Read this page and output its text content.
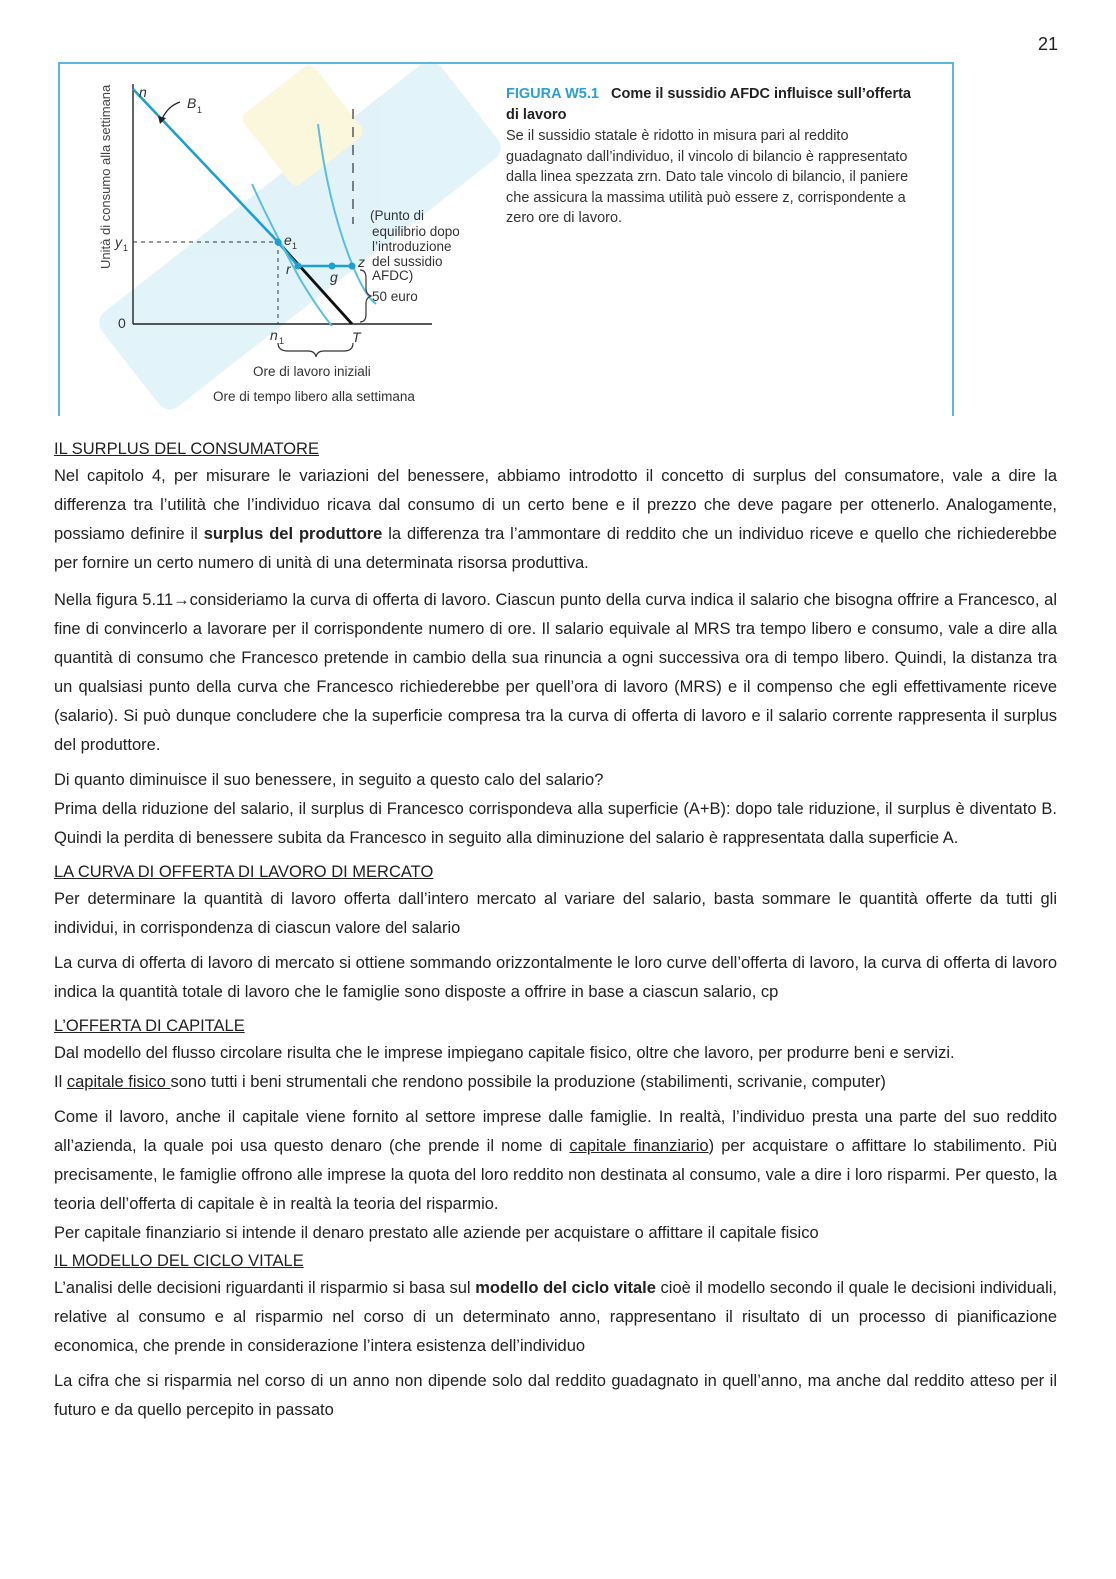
21
Unità di consumo alla settimana n
B 1
y 1
0
e 1
r	g
z
n 1	T
(Punto di
equilibrio dopo
l’introduzione
del sussidio
AFDC)
50 euro
Ore di lavoro iniziali
Ore di tempo libero alla settimana
FIGURA W5.1 Come il sussidio AFDC influisce sull’offerta di lavoro
Se il sussidio statale è ridotto in misura pari al reddito guadagnato dall’individuo, il vincolo di bilancio è rappresentato dalla linea spezzata zrn. Dato tale vincolo di bilancio, il paniere che assicura la massima utilità può essere z, corrispondente a zero ore di lavoro.
IL SURPLUS DEL CONSUMATORE

Nel capitolo 4, per misurare le variazioni del benessere, abbiamo introdotto il concetto di surplus del consumatore, vale a dire la differenza tra l’utilità che l’individuo ricava dal consumo di un certo bene e il prezzo che deve pagare per ottenerlo. Analogamente, possiamo definire il surplus del produttore la differenza tra l’ammontare di reddito che un individuo riceve e quello che richiederebbe per fornire un certo numero di unità di una determinata risorsa produttiva.

Nella figura 5.11→consideriamo la curva di offerta di lavoro. Ciascun punto della curva indica il salario che bisogna offrire a Francesco, al fine di convincerlo a lavorare per il corrispondente numero di ore. Il salario equivale al MRS tra tempo libero e consumo, vale a dire alla quantità di consumo che Francesco pretende in cambio della sua rinuncia a ogni successiva ora di tempo libero. Quindi, la distanza tra un qualsiasi punto della curva che Francesco richiederebbe per quell’ora di lavoro (MRS) e il compenso che egli effettivamente riceve (salario). Si può dunque concludere che la superficie compresa tra la curva di offerta di lavoro e il salario corrente rappresenta il surplus del produttore.

Di quanto diminuisce il suo benessere, in seguito a questo calo del salario?

Prima della riduzione del salario, il surplus di Francesco corrispondeva alla superficie (A+B): dopo tale riduzione, il surplus è diventato B. Quindi la perdita di benessere subita da Francesco in seguito alla diminuzione del salario è rappresentata dalla superficie A.

LA CURVA DI OFFERTA DI LAVORO DI MERCATO

Per determinare la quantità di lavoro offerta dall’intero mercato al variare del salario, basta sommare le quantità offerte da tutti gli individui, in corrispondenza di ciascun valore del salario

La curva di offerta di lavoro di mercato si ottiene sommando orizzontalmente le loro curve dell’offerta di lavoro, la curva di offerta di lavoro indica la quantità totale di lavoro che le famiglie sono disposte a offrire in base a ciascun salario, cp

L’OFFERTA DI CAPITALE

Dal modello del flusso circolare risulta che le imprese impiegano capitale fisico, oltre che lavoro, per produrre beni e servizi.

Il capitale fisico sono tutti i beni strumentali che rendono possibile la produzione (stabilimenti, scrivanie, computer)

Come il lavoro, anche il capitale viene fornito al settore imprese dalle famiglie. In realtà, l’individuo presta una parte del suo reddito all’azienda, la quale poi usa questo denaro (che prende il nome di capitale finanziario) per acquistare o affittare lo stabilimento. Più precisamente, le famiglie offrono alle imprese la quota del loro reddito non destinata al consumo, vale a dire i loro risparmi. Per questo, la teoria dell’offerta di capitale è in realtà la teoria del risparmio.

Per capitale finanziario si intende il denaro prestato alle aziende per acquistare o affittare il capitale fisico

IL MODELLO DEL CICLO VITALE

L’analisi delle decisioni riguardanti il risparmio si basa sul modello del ciclo vitale cioè il modello secondo il quale le decisioni individuali, relative al consumo e al risparmio nel corso di un determinato anno, rappresentano il risultato di un processo di pianificazione economica, che prende in considerazione l’intera esistenza dell’individuo

La cifra che si risparmia nel corso di un anno non dipende solo dal reddito guadagnato in quell’anno, ma anche dal reddito atteso per il futuro e da quello percepito in passato
